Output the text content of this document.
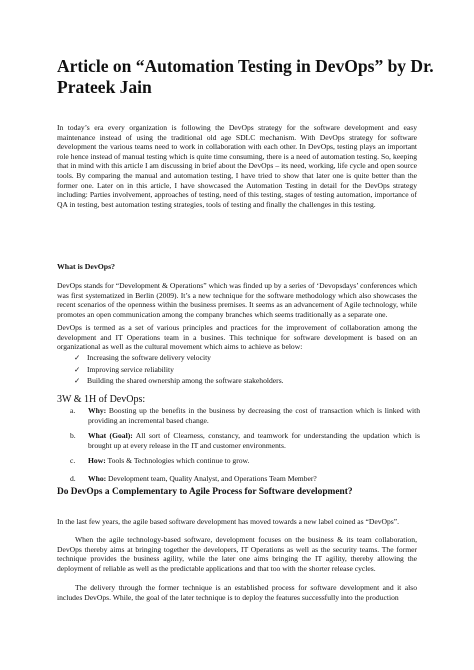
Article on “Automation Testing in DevOps” by Dr. Prateek Jain

In today’s era every organization is following the DevOps strategy for the software development and easy maintenance instead of using the traditional old age SDLC mechanism. With DevOps strategy for software development the various teams need to work in collaboration with each other. In DevOps, testing plays an important role hence instead of manual testing which is quite time consuming, there is a need of automation testing. So, keeping that in mind with this article I am discussing in brief about the DevOps – its need, working, life cycle and open source tools. By comparing the manual and automation testing, I have tried to show that later one is quite better than the former one. Later on in this article, I have showcased the Automation Testing in detail for the DevOps strategy including: Parties involvement, approaches of testing, need of this testing, stages of testing automation, importance of QA in testing, best automation testing strategies, tools of testing and finally the challenges in this testing.

What is DevOps?

DevOps stands for “Development & Operations” which was finded up by a series of ‘Devopsdays’ conferences which was first systematized in Berlin (2009). It’s a new technique for the software methodology which also showcases the recent scenarios of the openness within the business premises. It seems as an advancement of Agile technology, while promotes an open communication among the company branches which seems traditionally as a separate one.

DevOps is termed as a set of various principles and practices for the improvement of collaboration among the development and IT Operations team in a busines. This technique for software development is based on an organizational as well as the cultural movement which aims to achieve as below:

✓ Increasing the software delivery velocity
✓ Improving service reliability
✓ Building the shared ownership among the software stakeholders.

3W & 1H of DevOps:

a. Why: Boosting up the benefits in the business by decreasing the cost of transaction which is linked with providing an incremental based change.
b. What (Goal): All sort of Clearness, constancy, and teamwork for understanding the updation which is brought up at every release in the IT and customer environments.
c. How: Tools & Technologies which continue to grow.
d. Who: Development team, Quality Analyst, and Operations Team Member?

Do DevOps a Complementary to Agile Process for Software development?

In the last few years, the agile based software development has moved towards a new label coined as “DevOps”.

When the agile technology-based software, development focuses on the business & its team collaboration, DevOps thereby aims at bringing together the developers, IT Operations as well as the security teams. The former technique provides the business agility, while the later one aims bringing the IT agility, thereby allowing the deployment of reliable as well as the predictable applications and that too with the shorter release cycles.

The delivery through the former technique is an established process for software development and it also includes DevOps. While, the goal of the later technique is to deploy the features successfully into the production
